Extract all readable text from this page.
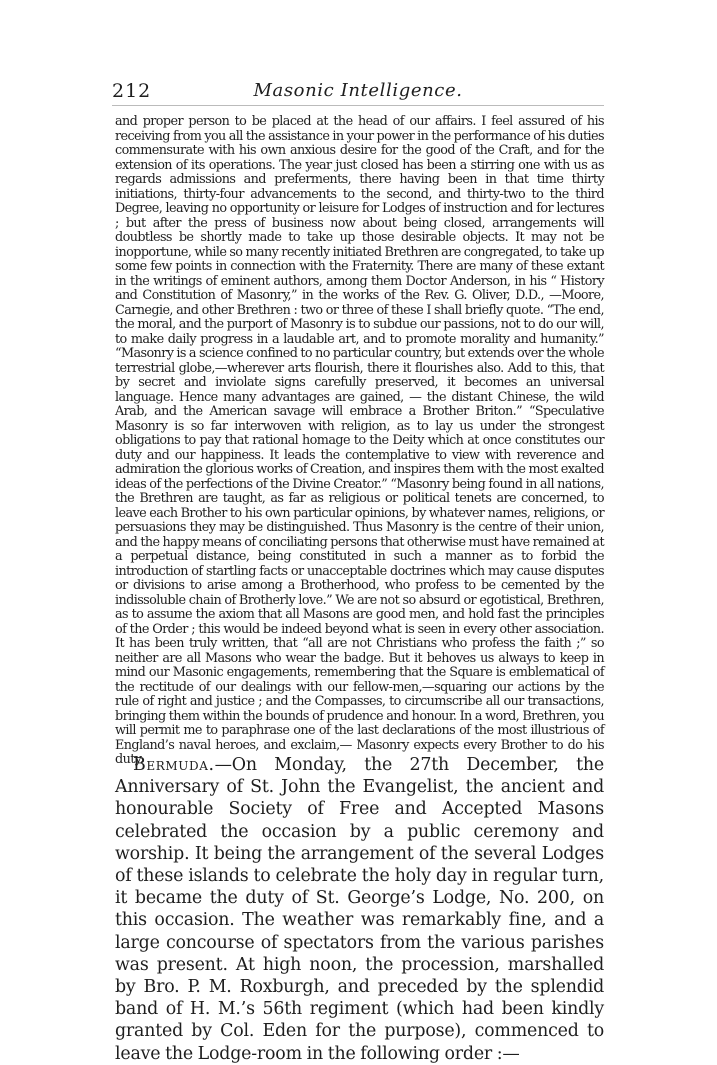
212	Masonic Intelligence.

and proper person to be placed at the head of our affairs. I feel assured of his receiving from you all the assistance in your power in the performance of his duties commensurate with his own anxious desire for the good of the Craft, and for the extension of its operations. The year just closed has been a stirring one with us as regards admissions and preferments, there having been in that time thirty initiations, thirty-four advancements to the second, and thirty-two to the third Degree, leaving no opportunity or leisure for Lodges of instruction and for lectures ; but after the press of business now about being closed, arrangements will doubtless be shortly made to take up those desirable objects. It may not be inopportune, while so many recently initiated Brethren are congregated, to take up some few points in connection with the Fraternity. There are many of these extant in the writings of eminent authors, among them Doctor Anderson, in his “ History and Constitution of Masonry,” in the works of the Rev. G. Oliver, D.D., —Moore, Carnegie, and other Brethren : two or three of these I shall briefly quote. “The end, the moral, and the purport of Masonry is to subdue our passions, not to do our will, to make daily progress in a laudable art, and to promote morality and humanity.” “Masonry is a science confined to no particular country, but extends over the whole terrestrial globe,—wherever arts flourish, there it flourishes also. Add to this, that by secret and inviolate signs carefully preserved, it becomes an universal language. Hence many advantages are gained, — the distant Chinese, the wild Arab, and the American savage will embrace a Brother Briton.” “Speculative Masonry is so far interwoven with religion, as to lay us under the strongest obligations to pay that rational homage to the Deity which at once constitutes our duty and our happiness. It leads the contemplative to view with reverence and admiration the glorious works of Creation, and inspires them with the most exalted ideas of the perfections of the Divine Creator.” “Masonry being found in all nations, the Brethren are taught, as far as religious or political tenets are concerned, to leave each Brother to his own particular opinions, by whatever names, religions, or persuasions they may be distinguished. Thus Masonry is the centre of their union, and the happy means of conciliating persons that otherwise must have remained at a perpetual distance, being constituted in such a manner as to forbid the introduction of startling facts or unacceptable doctrines which may cause disputes or divisions to arise among a Brotherhood, who profess to be cemented by the indissoluble chain of Brotherly love.” We are not so absurd or egotistical, Brethren, as to assume the axiom that all Masons are good men, and hold fast the principles of the Order ; this would be indeed beyond what is seen in every other association. It has been truly written, that “all are not Christians who profess the faith ;” so neither are all Masons who wear the badge. But it behoves us always to keep in mind our Masonic engagements, remembering that the Square is emblematical of the rectitude of our dealings with our fellow-men,—squaring our actions by the rule of right and justice ; and the Compasses, to circumscribe all our transactions, bringing them within the bounds of prudence and honour. In a word, Brethren, you will permit me to paraphrase one of the last declarations of the most illustrious of England’s naval heroes, and exclaim,— Masonry expects every Brother to do his duty.

Bermuda.—On Monday, the 27th December, the Anniversary of St. John the Evangelist, the ancient and honourable Society of Free and Accepted Masons celebrated the occasion by a public ceremony and worship. It being the arrangement of the several Lodges of these islands to celebrate the holy day in regular turn, it became the duty of St. George’s Lodge, No. 200, on this occasion. The weather was remarkably fine, and a large concourse of spectators from the various parishes was present. At high noon, the procession, marshalled by Bro. P. M. Roxburgh, and preceded by the splendid band of H. M.’s 56th regiment (which had been kindly granted by Col. Eden for the purpose), commenced to leave the Lodge-room in the following order :—
